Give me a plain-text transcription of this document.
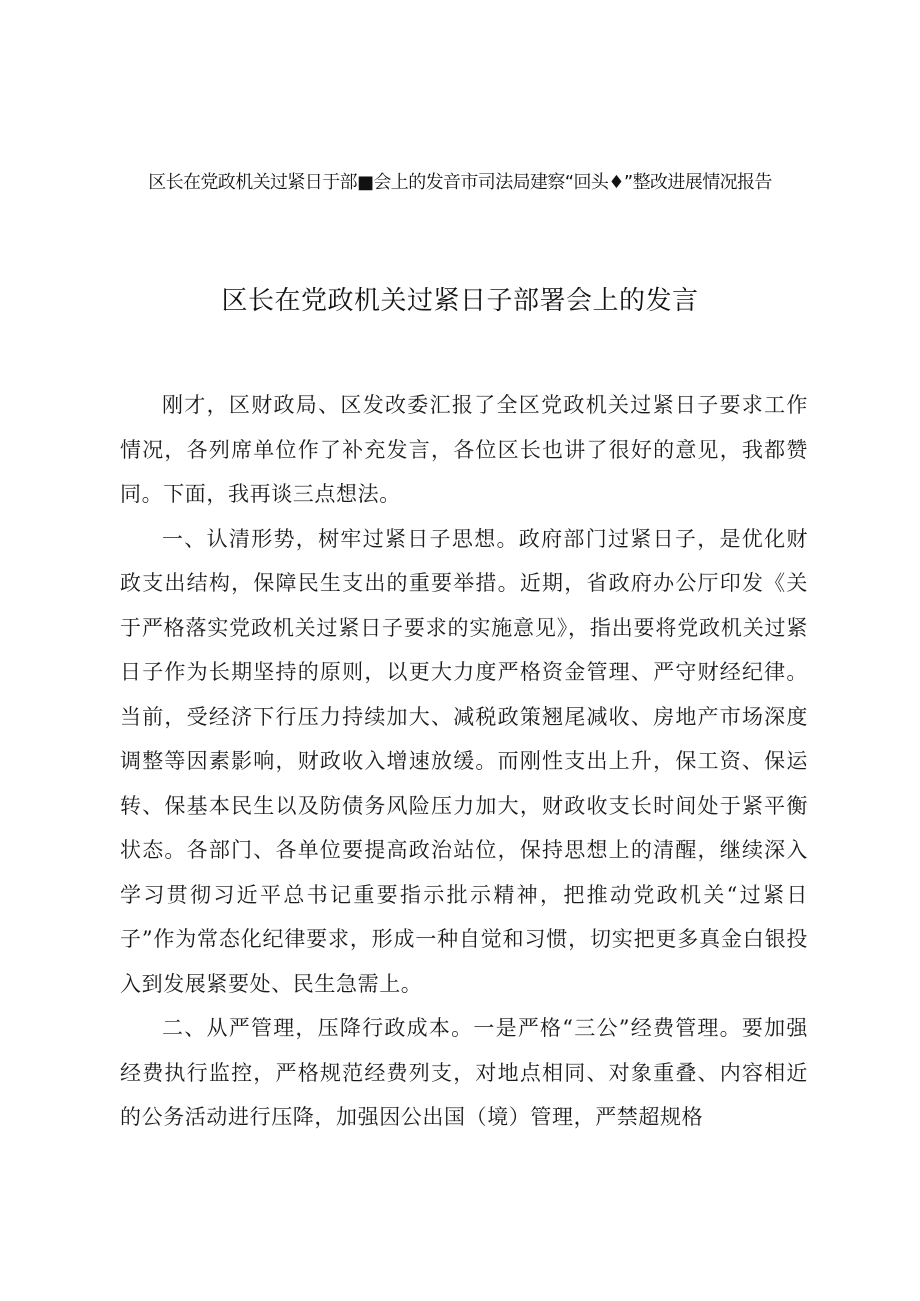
区长在党政机关过紧日于部■会上的发音市司法局建察“回头♦”整改进展情况报告
区长在党政机关过紧日子部署会上的发言

刚才，区财政局、区发改委汇报了全区党政机关过紧日子要求工作情况，各列席单位作了补充发言，各位区长也讲了很好的意见，我都赞同。下面，我再谈三点想法。

一、认清形势，树牢过紧日子思想。政府部门过紧日子，是优化财政支出结构，保障民生支出的重要举措。近期，省政府办公厅印发《关于严格落实党政机关过紧日子要求的实施意见》，指出要将党政机关过紧日子作为长期坚持的原则，以更大力度严格资金管理、严守财经纪律。当前，受经济下行压力持续加大、减税政策翘尾减收、房地产市场深度调整等因素影响，财政收入增速放缓。而刚性支出上升，保工资、保运转、保基本民生以及防债务风险压力加大，财政收支长时间处于紧平衡状态。各部门、各单位要提高政治站位，保持思想上的清醒，继续深入学习贯彻习近平总书记重要指示批示精神，把推动党政机关“过紧日子”作为常态化纪律要求，形成一种自觉和习惯，切实把更多真金白银投入到发展紧要处、民生急需上。

二、从严管理，压降行政成本。一是严格“三公”经费管理。要加强经费执行监控，严格规范经费列支，对地点相同、对象重叠、内容相近的公务活动进行压降，加强因公出国（境）管理，严禁超规格
